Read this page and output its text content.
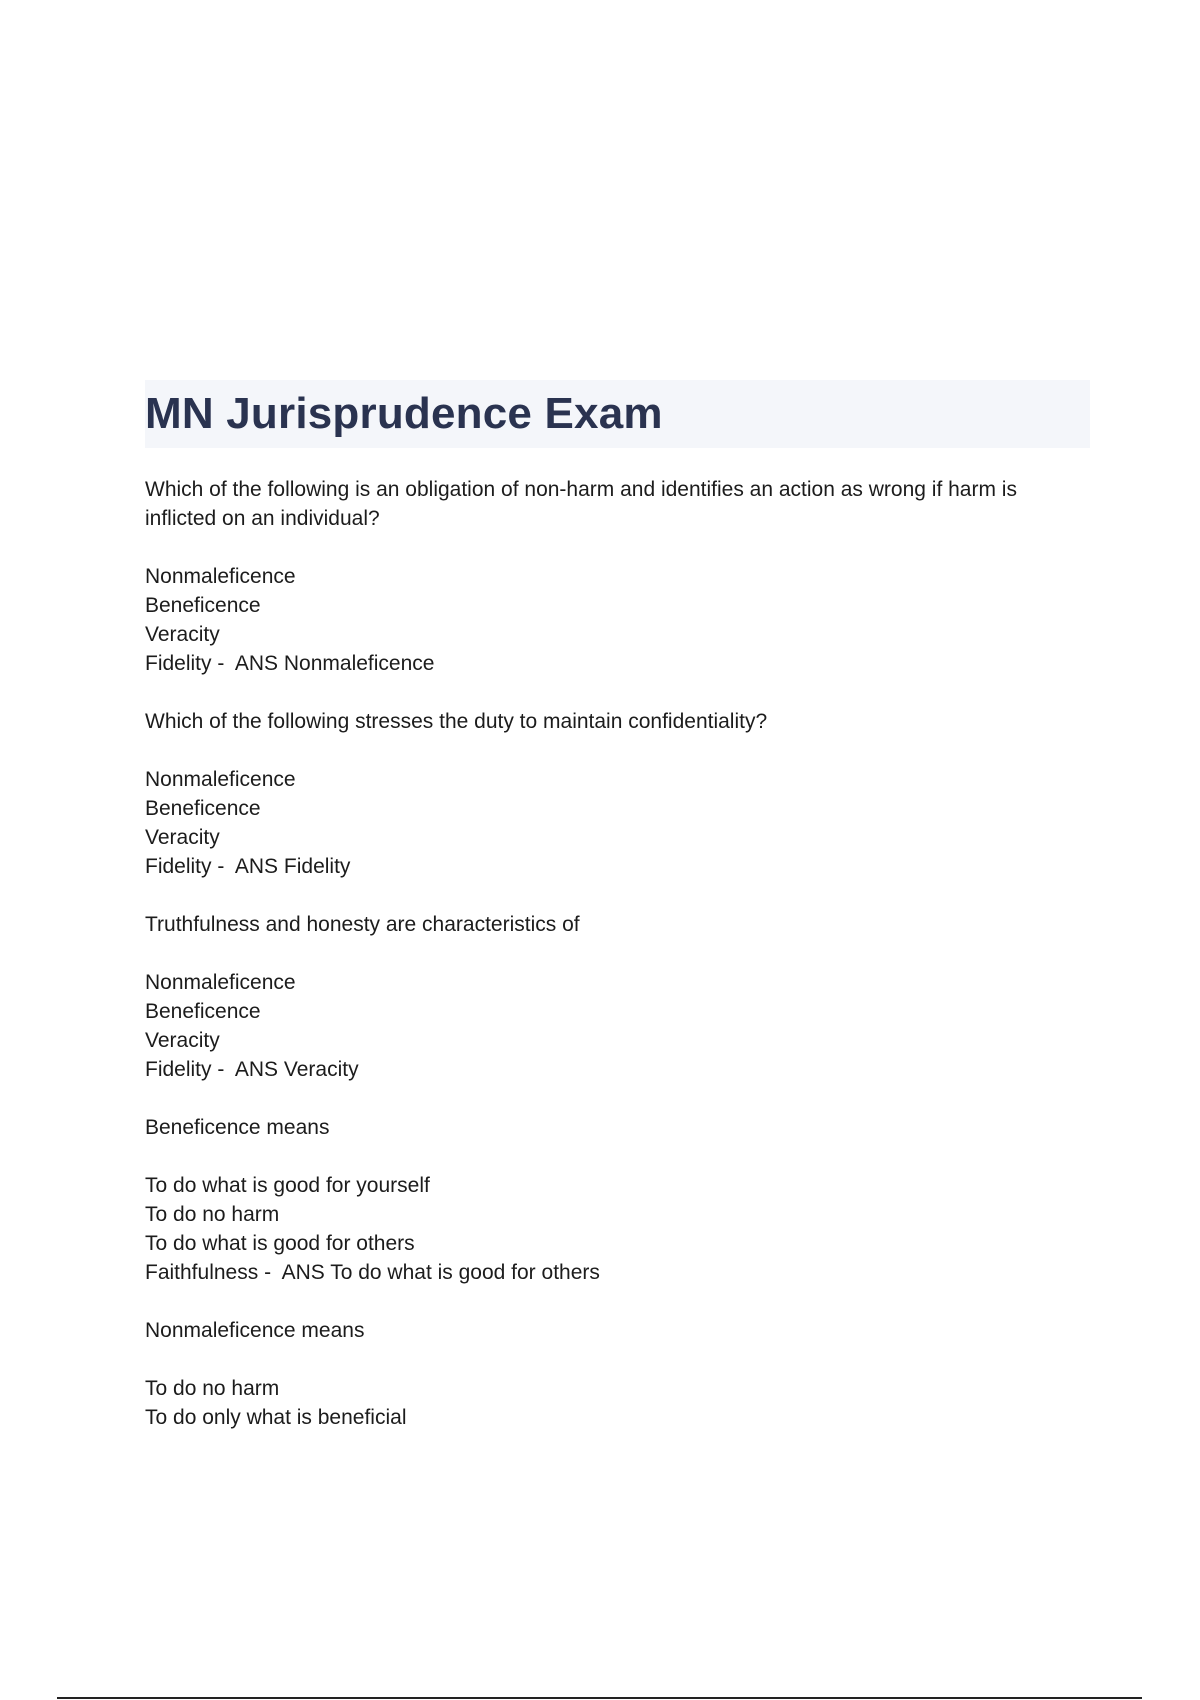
MN Jurisprudence Exam
Which of the following is an obligation of non-harm and identifies an action as wrong if harm is inflicted on an individual?
Nonmaleficence
Beneficence
Veracity
Fidelity -  ANS Nonmaleficence
Which of the following stresses the duty to maintain confidentiality?
Nonmaleficence
Beneficence
Veracity
Fidelity -  ANS Fidelity
Truthfulness and honesty are characteristics of
Nonmaleficence
Beneficence
Veracity
Fidelity -  ANS Veracity
Beneficence means
To do what is good for yourself
To do no harm
To do what is good for others
Faithfulness -  ANS To do what is good for others
Nonmaleficence means
To do no harm
To do only what is beneficial
